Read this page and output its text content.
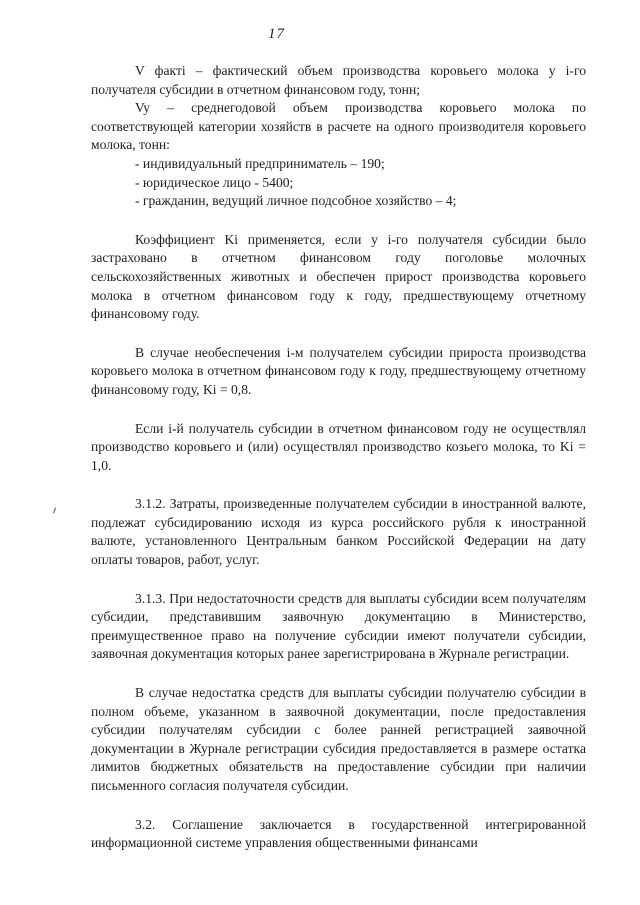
17

V факті – фактический объем производства коровьего молока у i-го получателя субсидии в отчетном финансовом году, тонн;

Vy – среднегодовой объем производства коровьего молока по соответствующей категории хозяйств в расчете на одного производителя коровьего молока, тонн:

- индивидуальный предприниматель – 190;

- юридическое лицо - 5400;

- гражданин, ведущий личное подсобное хозяйство – 4;

Коэффициент Ki применяется, если у i-го получателя субсидии было застраховано в отчетном финансовом году поголовье молочных сельскохозяйственных животных и обеспечен прирост производства коровьего молока в отчетном финансовом году к году, предшествующему отчетному финансовому году.

В случае необеспечения i-м получателем субсидии прироста производства коровьего молока в отчетном финансовом году к году, предшествующему отчетному финансовому году, Ki = 0,8.

Если i-й получатель субсидии в отчетном финансовом году не осуществлял производство коровьего и (или) осуществлял производство козьего молока, то Ki = 1,0.

3.1.2. Затраты, произведенные получателем субсидии в иностранной валюте, подлежат субсидированию исходя из курса российского рубля к иностранной валюте, установленного Центральным банком Российской Федерации на дату оплаты товаров, работ, услуг.

3.1.3. При недостаточности средств для выплаты субсидии всем получателям субсидии, представившим заявочную документацию в Министерство, преимущественное право на получение субсидии имеют получатели субсидии, заявочная документация которых ранее зарегистрирована в Журнале регистрации.

В случае недостатка средств для выплаты субсидии получателю субсидии в полном объеме, указанном в заявочной документации, после предоставления субсидии получателям субсидии с более ранней регистрацией заявочной документации в Журнале регистрации субсидия предоставляется в размере остатка лимитов бюджетных обязательств на предоставление субсидии при наличии письменного согласия получателя субсидии.

3.2. Соглашение заключается в государственной интегрированной информационной системе управления общественными финансами
